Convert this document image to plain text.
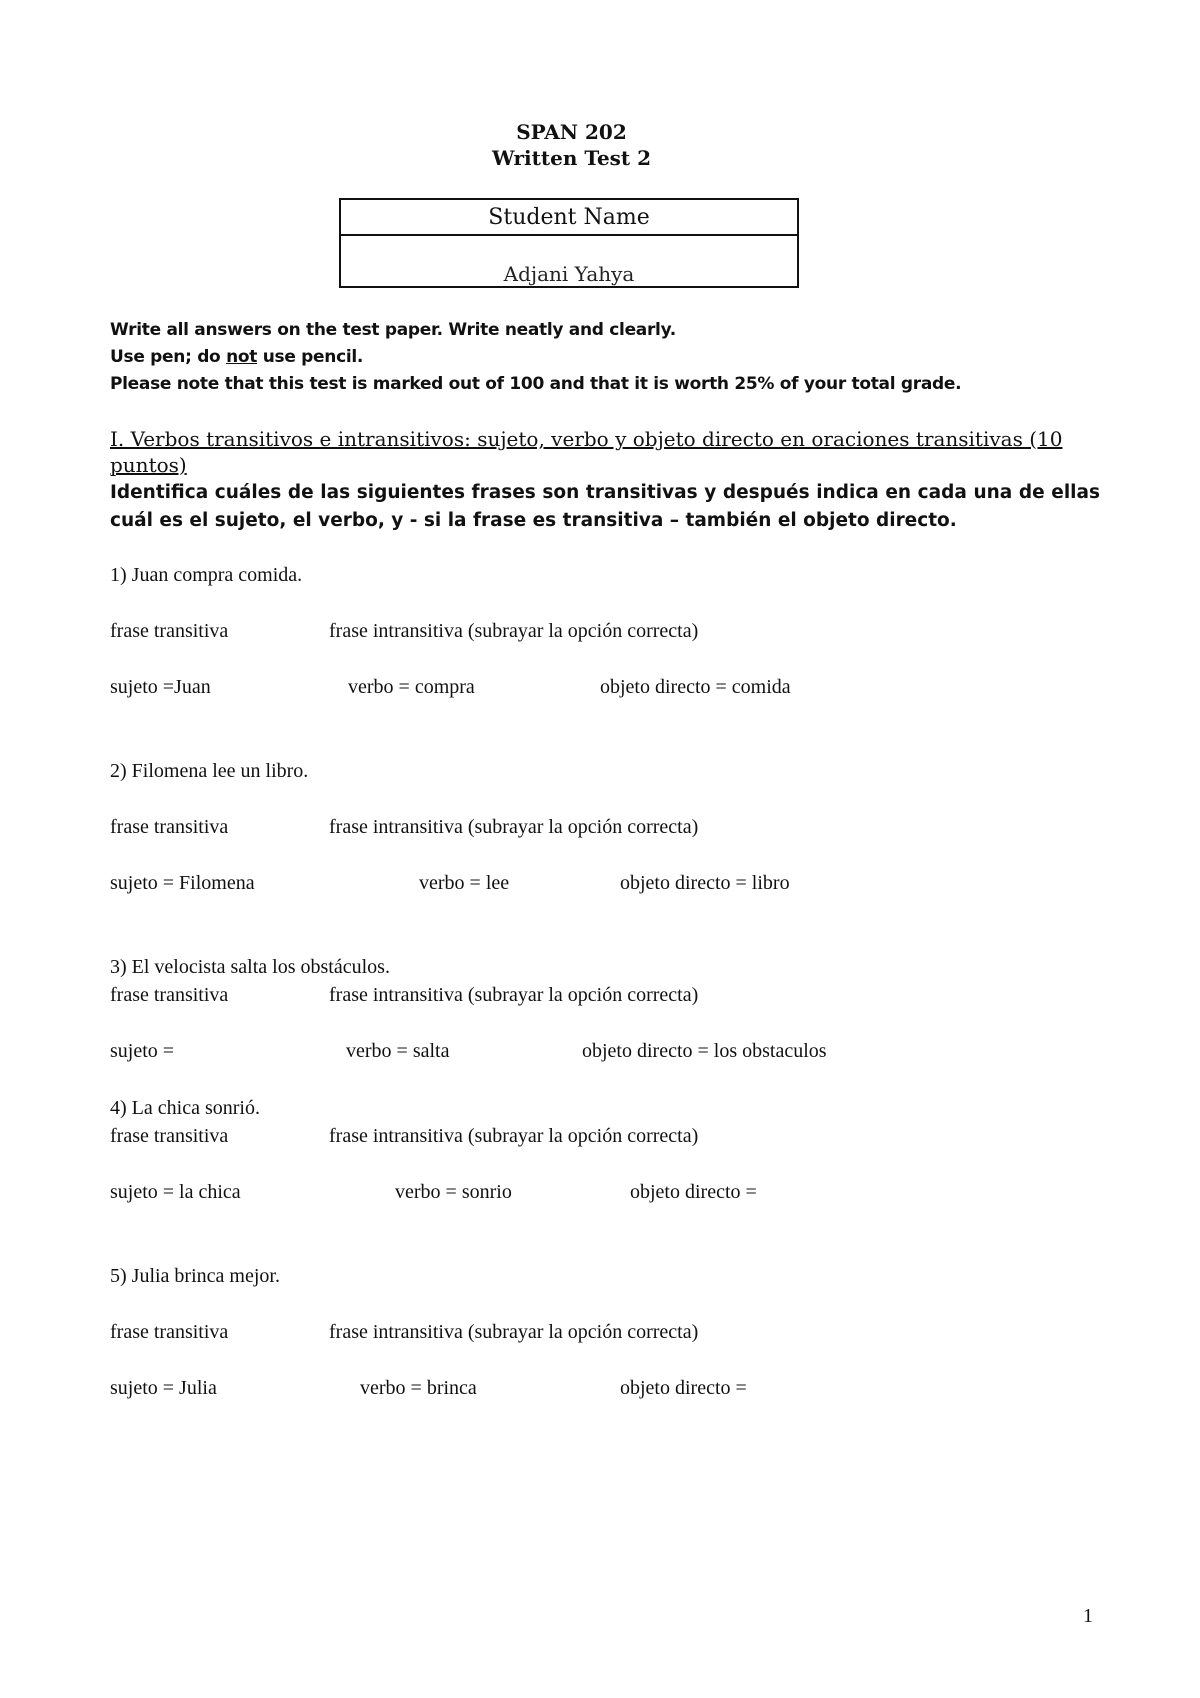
SPAN 202
Written Test 2
Student Name
Adjani Yahya
Write all answers on the test paper. Write neatly and clearly.
Use pen; do not use pencil.
Please note that this test is marked out of 100 and that it is worth 25% of your total grade.
I. Verbos transitivos e intransitivos: sujeto, verbo y objeto directo en oraciones transitivas (10 puntos)
Identifica cuáles de las siguientes frases son transitivas y después indica en cada una de ellas cuál es el sujeto, el verbo, y - si la frase es transitiva – también el objeto directo.
1) Juan compra comida.
frase transitiva	frase intransitiva (subrayar la opción correcta)
sujeto =Juan	verbo = compra	objeto directo = comida
2) Filomena lee un libro.
frase transitiva	frase intransitiva (subrayar la opción correcta)
sujeto = Filomena	verbo = lee	objeto directo = libro
3) El velocista salta los obstáculos.
frase transitiva	frase intransitiva (subrayar la opción correcta)
sujeto =	verbo = salta	objeto directo = los obstaculos
4) La chica sonrió.
frase transitiva	frase intransitiva (subrayar la opción correcta)
sujeto = la chica	verbo = sonrio	objeto directo =
5) Julia brinca mejor.
frase transitiva	frase intransitiva (subrayar la opción correcta)
sujeto = Julia	verbo = brinca	objeto directo =
1
